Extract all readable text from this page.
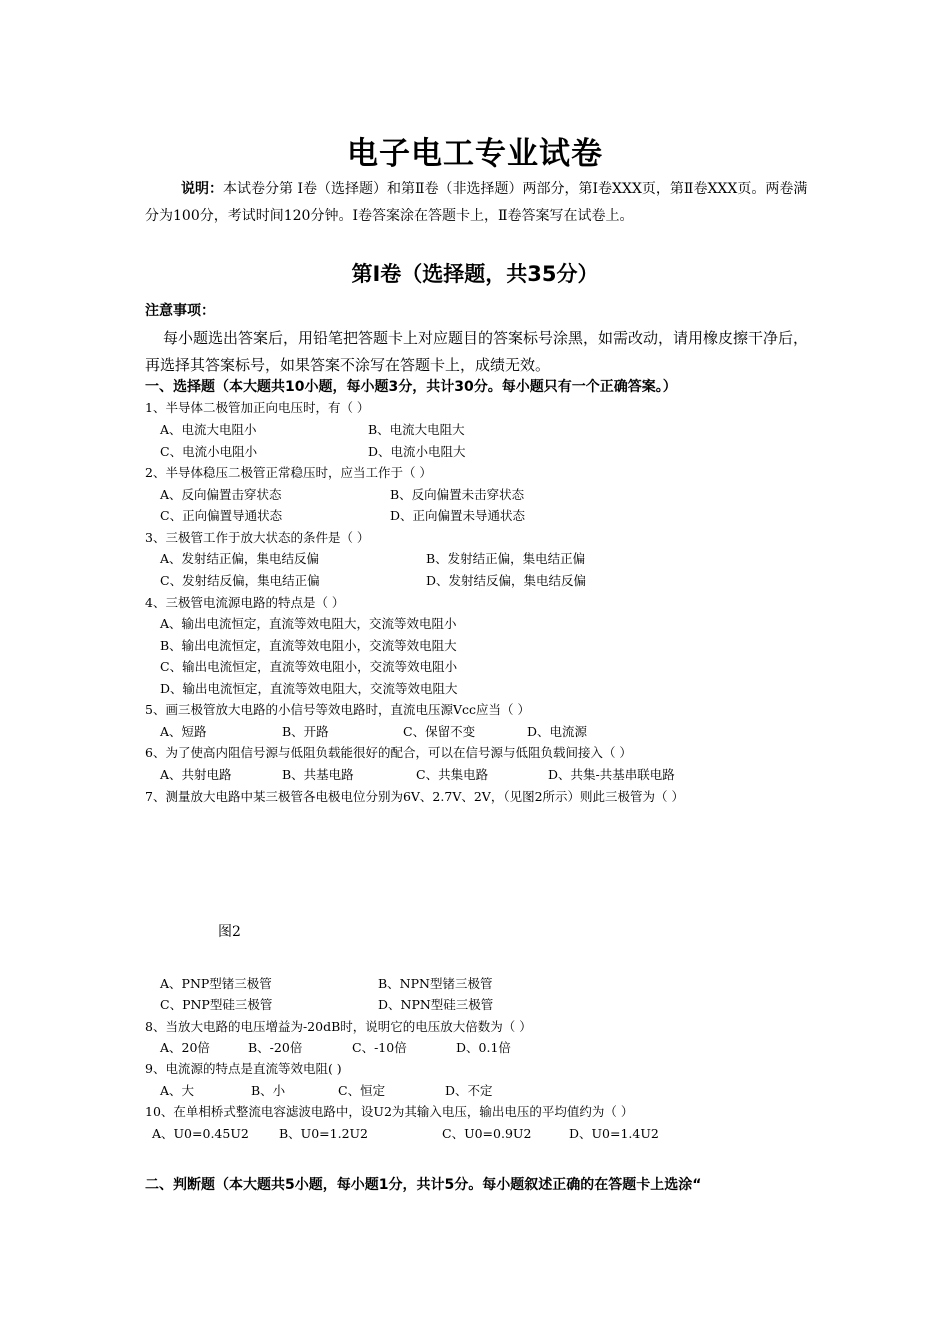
电子电工专业试卷
说明：本试卷分第 Ⅰ卷（选择题）和第Ⅱ卷（非选择题）两部分，第Ⅰ卷XXX页，第Ⅱ卷XXX页。两卷满分为100分，考试时间120分钟。Ⅰ卷答案涂在答题卡上，Ⅱ卷答案写在试卷上。
第Ⅰ卷（选择题，共35分）
注意事项：
每小题选出答案后，用铅笔把答题卡上对应题目的答案标号涂黑，如需改动，请用橡皮擦干净后，再选择其答案标号，如果答案不涂写在答题卡上，成绩无效。
一、选择题（本大题共10小题，每小题3分，共计30分。每小题只有一个正确答案。）
1、半导体二极管加正向电压时，有（ ）
A、电流大电阻小	B、电流大电阻大
C、电流小电阻小	D、电流小电阻大
2、半导体稳压二极管正常稳压时，应当工作于（ ）
A、反向偏置击穿状态	B、反向偏置未击穿状态
C、正向偏置导通状态	D、正向偏置未导通状态
3、三极管工作于放大状态的条件是（ ）
A、发射结正偏，集电结反偏	B、发射结正偏，集电结正偏
C、发射结反偏，集电结正偏	D、发射结反偏，集电结反偏
4、三极管电流源电路的特点是（ ）
A、输出电流恒定，直流等效电阻大，交流等效电阻小
B、输出电流恒定，直流等效电阻小，交流等效电阻大
C、输出电流恒定，直流等效电阻小，交流等效电阻小
D、输出电流恒定，直流等效电阻大，交流等效电阻大
5、画三极管放大电路的小信号等效电路时，直流电压源Vcc应当（ ）
A、短路	B、开路	C、保留不变	D、电流源
6、为了使高内阻信号源与低阻负载能很好的配合，可以在信号源与低阻负载间接入（ ）
A、共射电路	B、共基电路	C、共集电路	D、共集-共基串联电路
7、测量放大电路中某三极管各电极电位分别为6V、2.7V、2V，（见图2所示）则此三极管为（ ）
图2
A、PNP型锗三极管	B、NPN型锗三极管
C、PNP型硅三极管	D、NPN型硅三极管
8、当放大电路的电压增益为-20dB时，说明它的电压放大倍数为（ ）
A、20倍	B、-20倍	C、-10倍	D、0.1倍
9、电流源的特点是直流等效电阻( )
A、大	B、小	C、恒定	D、不定
10、在单相桥式整流电容滤波电路中，设U2为其输入电压，输出电压的平均值约为（ ）
A、U0=0.45U2 B、U0=1.2U2	C、U0=0.9U2	D、U0=1.4U2
二、判断题（本大题共5小题，每小题1分，共计5分。每小题叙述正确的在答题卡上选涂“
